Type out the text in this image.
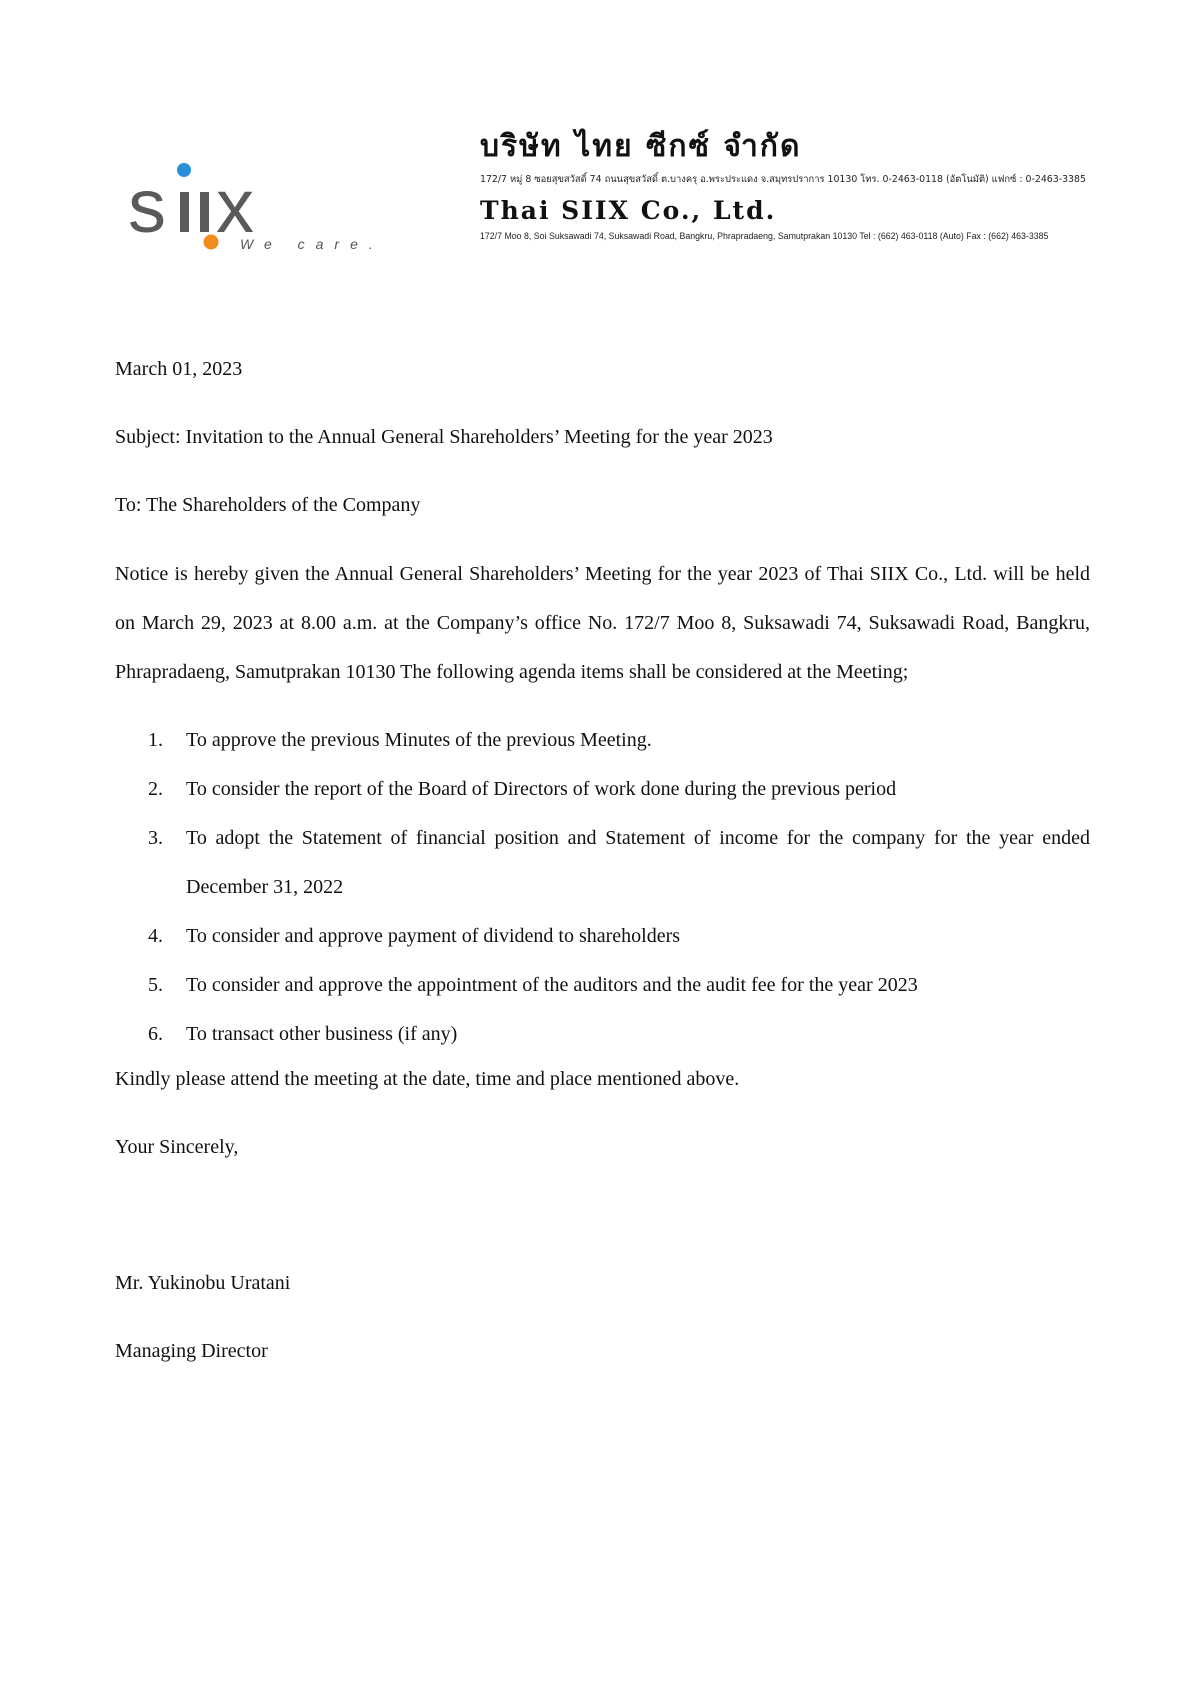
s x
We care.
บริษัท ไทย ซีกซ์ จำกัด
172/7 หมู่ 8 ซอยสุขสวัสดิ์ 74 ถนนสุขสวัสดิ์ ต.บางครุ อ.พระประแดง จ.สมุทรปราการ 10130 โทร. 0-2463-0118 (อัตโนมัติ) แฟกซ์ : 0-2463-3385
Thai SIIX Co., Ltd.
172/7 Moo 8, Soi Suksawadi 74, Suksawadi Road, Bangkru, Phrapradaeng, Samutprakan 10130 Tel : (662) 463-0118 (Auto) Fax : (662) 463-3385
March 01, 2023
Subject: Invitation to the Annual General Shareholders’ Meeting for the year 2023
To: The Shareholders of the Company
Notice is hereby given the Annual General Shareholders’ Meeting for the year 2023 of Thai SIIX Co., Ltd. will be held on March 29, 2023 at 8.00 a.m. at the Company’s office No. 172/7 Moo 8, Suksawadi 74, Suksawadi Road, Bangkru, Phrapradaeng, Samutprakan 10130 The following agenda items shall be considered at the Meeting;
1.	To approve the previous Minutes of the previous Meeting.
2.	To consider the report of the Board of Directors of work done during the previous period
3.	To adopt the Statement of financial position and Statement of income for the company for the year ended December 31, 2022
4.	To consider and approve payment of dividend to shareholders
5.	To consider and approve the appointment of the auditors and the audit fee for the year 2023
6.	To transact other business (if any)
Kindly please attend the meeting at the date, time and place mentioned above.
Your Sincerely,
Mr. Yukinobu Uratani
Managing Director
